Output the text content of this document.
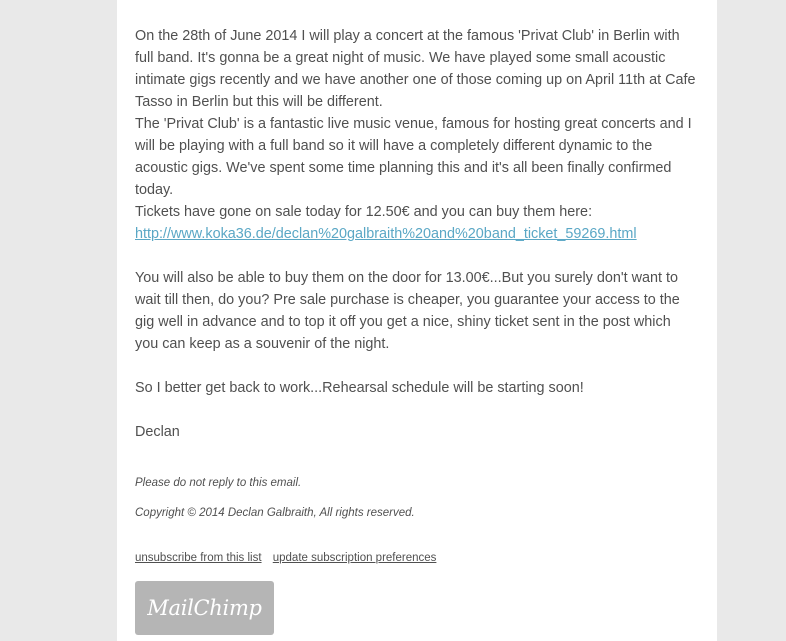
On the 28th of June 2014 I will play a concert at the famous 'Privat Club' in Berlin with full band. It's gonna be a great night of music. We have played some small acoustic intimate gigs recently and we have another one of those coming up on April 11th at Cafe Tasso in Berlin but this will be different.

The 'Privat Club' is a fantastic live music venue, famous for hosting great concerts and I will be playing with a full band so it will have a completely different dynamic to the acoustic gigs. We've spent some time planning this and it's all been finally confirmed today.

Tickets have gone on sale today for 12.50€ and you can buy them here:

http://www.koka36.de/declan%20galbraith%20and%20band_ticket_59269.html

You will also be able to buy them on the door for 13.00€...But you surely don't want to wait till then, do you? Pre sale purchase is cheaper, you guarantee your access to the gig well in advance and to top it off you get a nice, shiny ticket sent in the post which you can keep as a souvenir of the night.

So I better get back to work...Rehearsal schedule will be starting soon!

Declan

Please do not reply to this email.
Copyright © 2014 Declan Galbraith, All rights reserved.
unsubscribe from this list update subscription preferences
MailChimp
